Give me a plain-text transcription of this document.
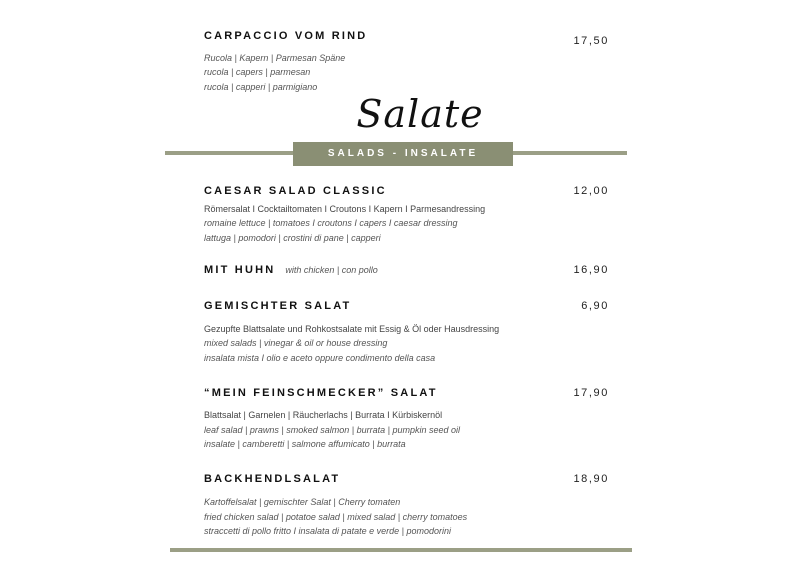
CARPACCIO VOM RIND	17,50
Rucola | Kapern | Parmesan Späne
rucola | capers | parmesan
rucola | capperi | parmigiano
Salate
SALADS - INSALATE
CAESAR SALAD CLASSIC	12,00
Römersalat I Cocktailtomaten I Croutons I Kapern I Parmesandressing
romaine lettuce | tomatoes I croutons I capers I caesar dressing
lattuga | pomodori | crostini di pane | capperi
MIT HUHN with chicken | con pollo	16,90
GEMISCHTER SALAT	6,90
Gezupfte Blattsalate und Rohkostsalate mit Essig & Öl oder Hausdressing
mixed salads | vinegar & oil or house dressing
insalata mista I olio e aceto oppure condimento della casa
“MEIN FEINSCHMECKER” SALAT	17,90
Blattsalat | Garnelen | Räucherlachs | Burrata I Kürbiskernöl
leaf salad | prawns | smoked salmon | burrata | pumpkin seed oil
insalate | camberetti | salmone affumicato | burrata
BACKHENDLSALAT	18,90
Kartoffelsalat | gemischter Salat | Cherry tomaten
fried chicken salad | potatoe salad | mixed salad | cherry tomatoes
straccetti di pollo fritto I insalata di patate e verde | pomodorini
